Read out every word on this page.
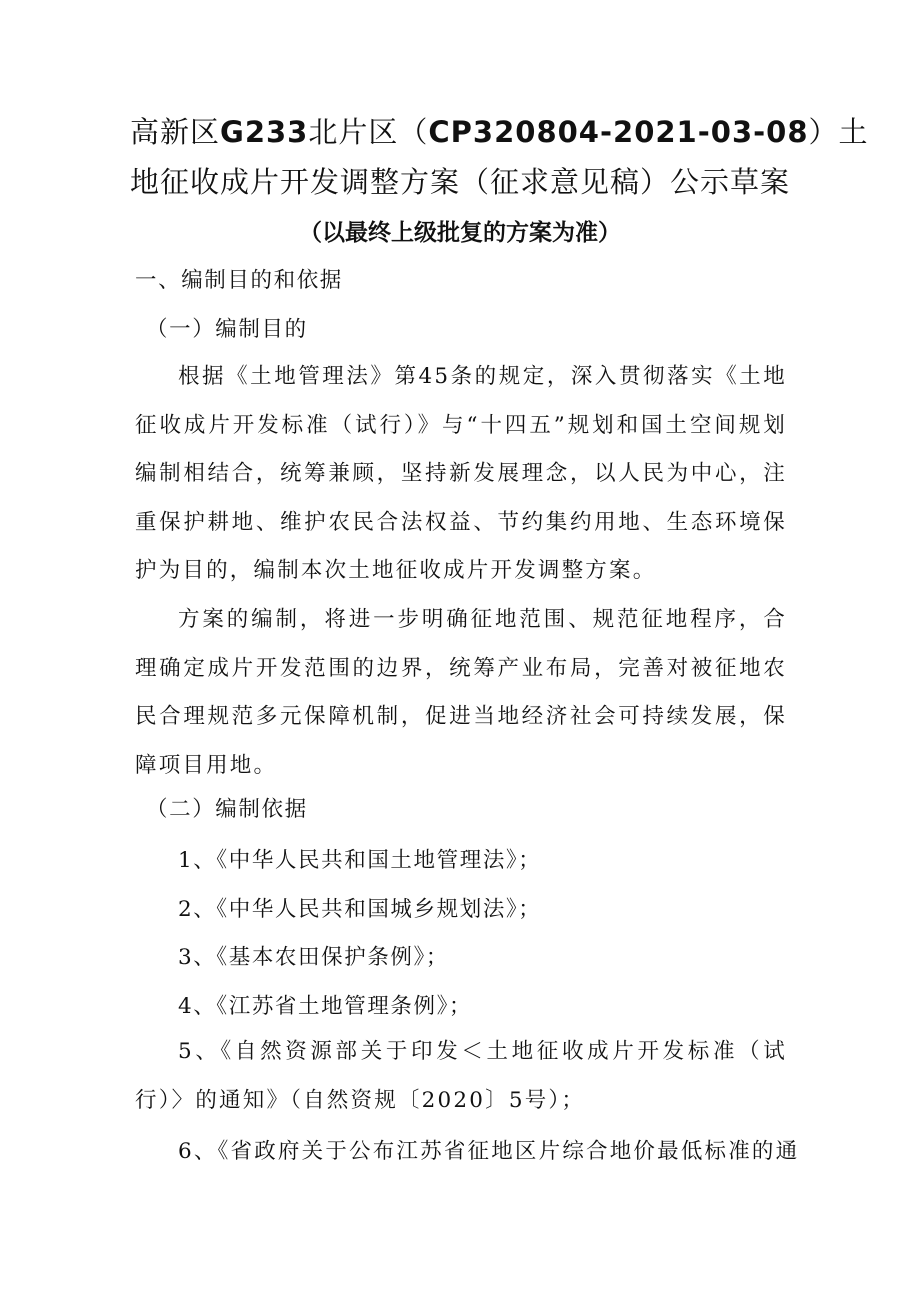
高新区G233北片区（CP320804-2021-03-08）土
地征收成片开发调整方案（征求意见稿）公示草案
（以最终上级批复的方案为准）
一、编制目的和依据
（一）编制目的
根据《土地管理法》第45条的规定，深入贯彻落实《土地征收成片开发标准（试行）》与“十四五”规划和国土空间规划编制相结合，统筹兼顾，坚持新发展理念，以人民为中心，注重保护耕地、维护农民合法权益、节约集约用地、生态环境保护为目的，编制本次土地征收成片开发调整方案。
方案的编制，将进一步明确征地范围、规范征地程序，合理确定成片开发范围的边界，统筹产业布局，完善对被征地农民合理规范多元保障机制，促进当地经济社会可持续发展，保障项目用地。
（二）编制依据
1、《中华人民共和国土地管理法》；
2、《中华人民共和国城乡规划法》；
3、《基本农田保护条例》；
4、《江苏省土地管理条例》；
5、《自然资源部关于印发＜土地征收成片开发标准（试行）〉的通知》（自然资规〔2020〕5号）；
6、《省政府关于公布江苏省征地区片综合地价最低标准的通
